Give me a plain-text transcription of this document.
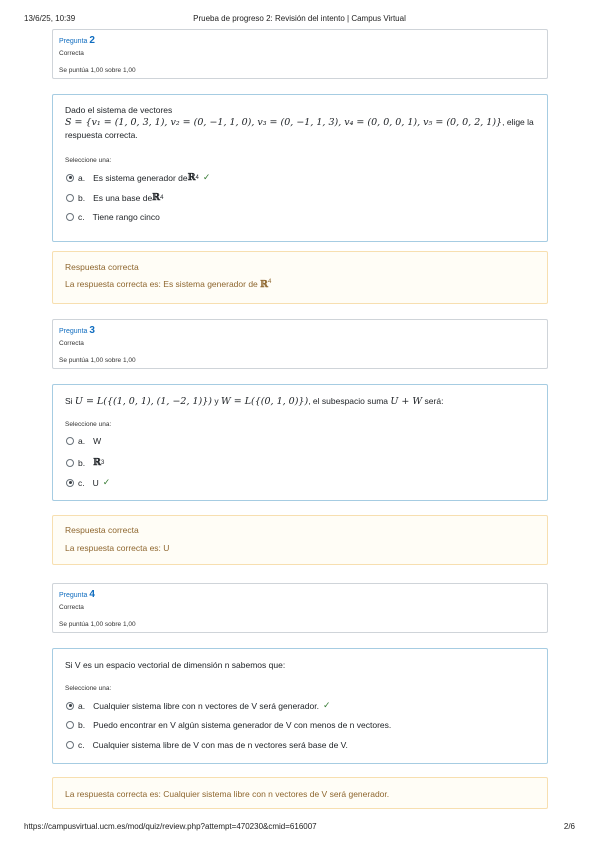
13/6/25, 10:39	Prueba de progreso 2: Revisión del intento | Campus Virtual
Pregunta 2
Correcta
Se puntúa 1,00 sobre 1,00
Dado el sistema de vectores
S = {v₁ = (1, 0, 3, 1), v₂ = (0, −1, 1, 0), v₃ = (0, −1, 1, 3), v₄ = (0, 0, 0, 1), v₅ = (0, 0, 2, 1)}, elige la
respuesta correcta.
Seleccione una:
a. Es sistema generador de ℝ 4 ✓
b. Es una base de ℝ 4
c. Tiene rango cinco
Respuesta correcta
La respuesta correcta es: Es sistema generador de ℝ$^4$
Pregunta 3
Correcta
Se puntúa 1,00 sobre 1,00
Si U = L({(1, 0, 1), (1, −2, 1)}) y W = L({(0, 1, 0)}), el subespacio suma U + W será:
Seleccione una:
a. W
b. ℝ 3
c. U ✓
Respuesta correcta
La respuesta correcta es: U
Pregunta 4
Correcta
Se puntúa 1,00 sobre 1,00
Si V es un espacio vectorial de dimensión n sabemos que:
Seleccione una:
a. Cualquier sistema libre con n vectores de V será generador. ✓
b. Puedo encontrar en V algún sistema generador de V con menos de n vectores.
c. Cualquier sistema libre de V con mas de n vectores será base de V.
La respuesta correcta es: Cualquier sistema libre con n vectores de V será generador.
https://campusvirtual.ucm.es/mod/quiz/review.php?attempt=470230&cmid=616007	2/6
